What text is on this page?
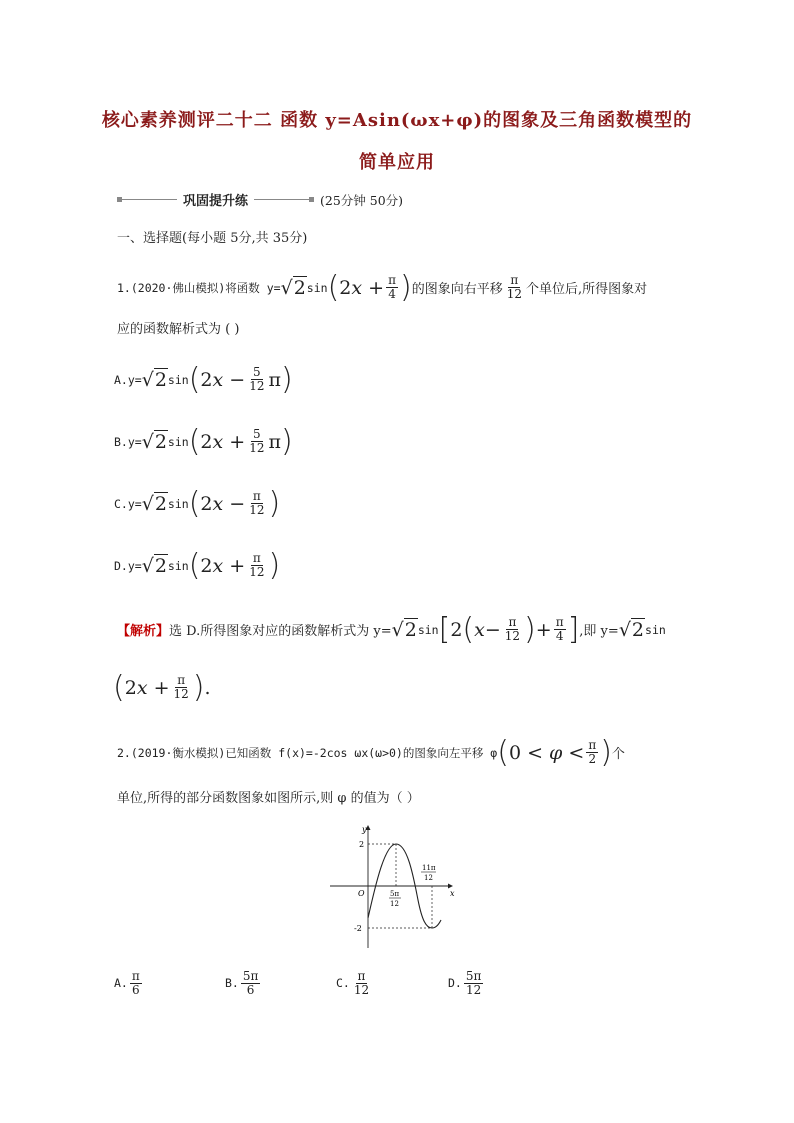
核心素养测评二十二 函数 y=Asin(ωx+φ)的图象及三角函数模型的
简单应用
巩固提升练	(25分钟 50分)
一、选择题(每小题 5分,共 35分)
1.(2020·佛山模拟)将函数 y= √2 sin ( $2x + \frac{\pi}{4}$ ) 的图象向右平移 $\frac{\pi}{12}$ 个单位后,所得图象对
应的函数解析式为 ( )
A.y= √2 sin ( $2x - \frac{5}{12}$ π )
B.y= √2 sin ( $2x + \frac{5}{12}$ π )
C.y= √2 sin ( $2x - \frac{\pi}{12}$ )
D.y= √2 sin ( $2x + \frac{\pi}{12}$ )
【解析】 选 D.所得图象对应的函数解析式为 y= √2 sin [ 2 ( $x - \frac{\pi}{12}$ ) + $\frac{\pi}{4}$ ] ,即 y= √2 sin
( $2x + \frac{\pi}{12}$ ) .
2.(2019·衡水模拟)已知函数 f(x)=-2cos ωx(ω>0)的图象向左平移 φ ( $0 < \varphi < \frac{\pi}{2}$ ) 个
单位,所得的部分函数图象如图所示,则 φ 的值为（ ）
y
x
O
2
-2
5π
12
11π
12
A. $\frac{\pi}{6}$	B. $\frac{5\pi}{6}$	C. $\frac{\pi}{12}$	D. $\frac{5\pi}{12}$
